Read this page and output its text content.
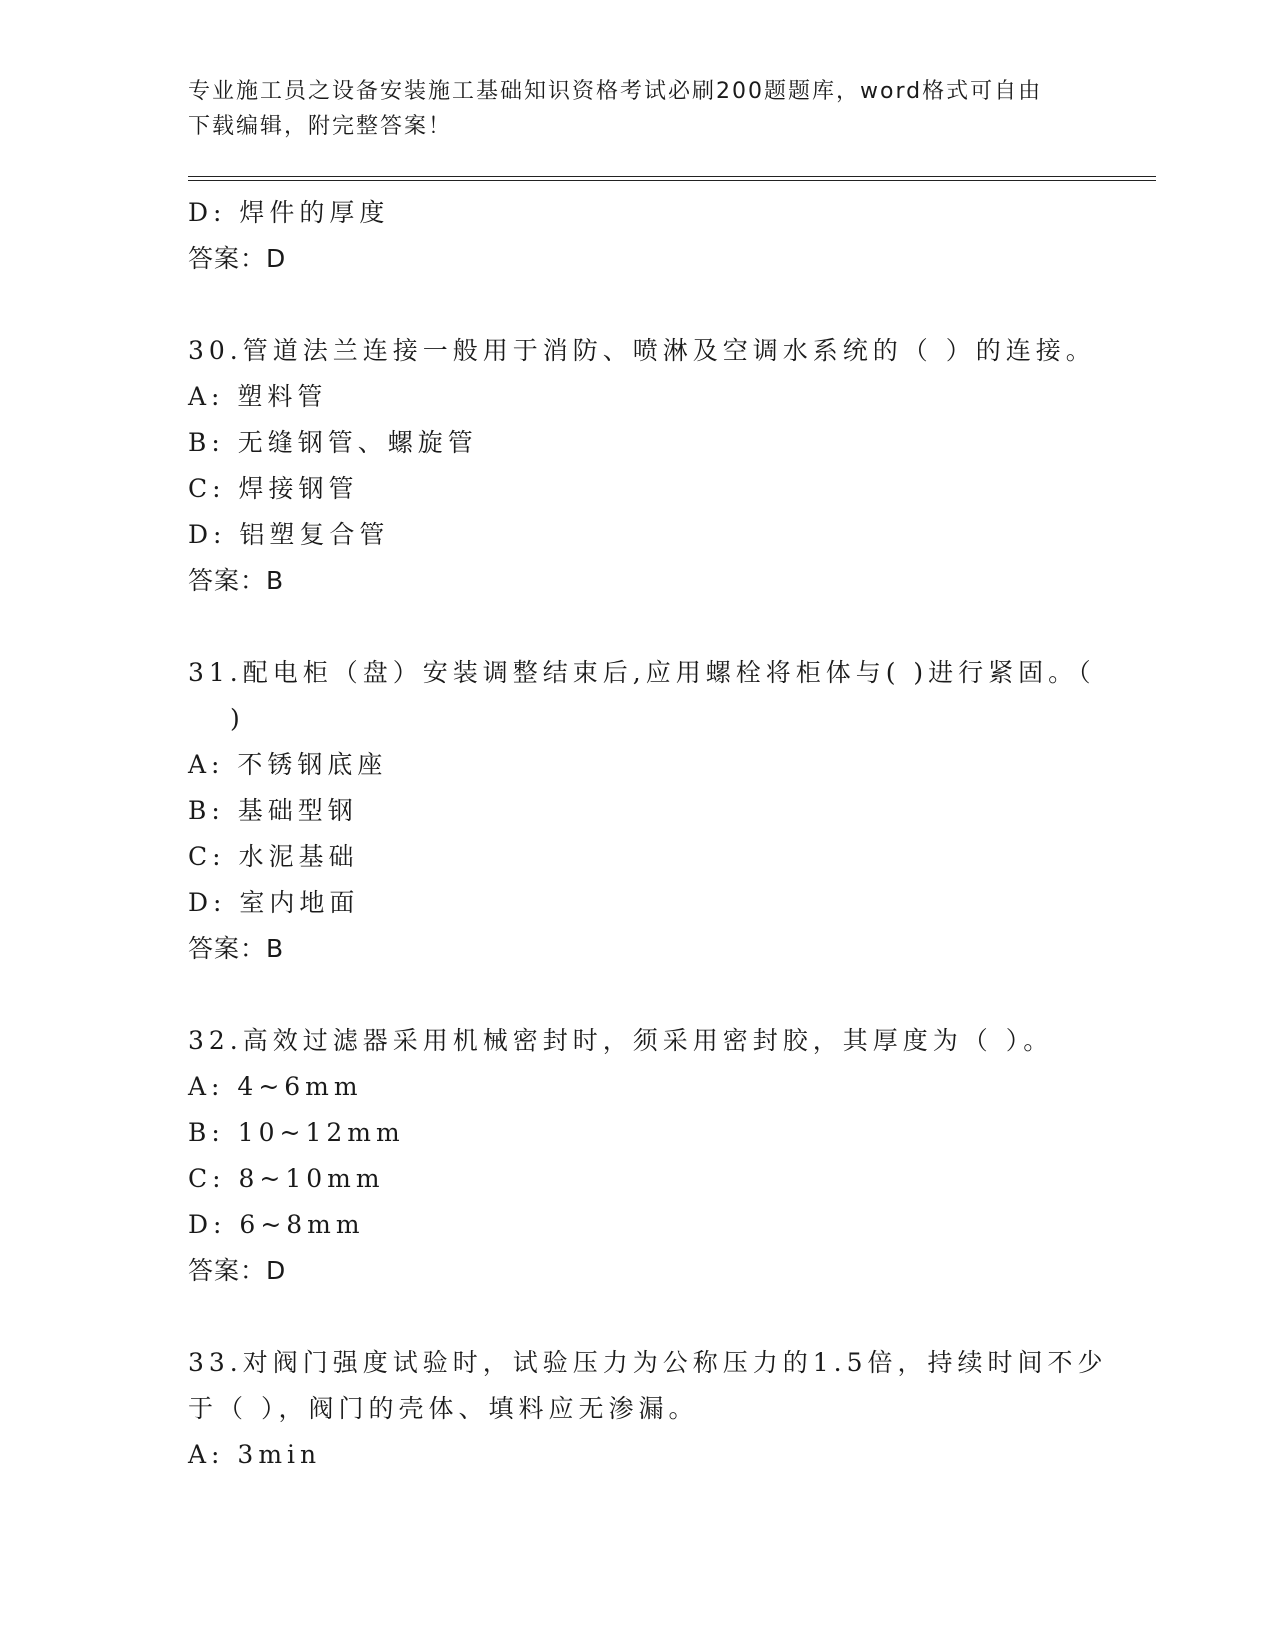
专业施工员之设备安装施工基础知识资格考试必刷200题题库，word格式可自由
下载编辑，附完整答案！
D: 焊件的厚度
答案：D
30.管道法兰连接一般用于消防、喷淋及空调水系统的（ ）的连接。
A: 塑料管
B: 无缝钢管、螺旋管
C: 焊接钢管
D: 铝塑复合管
答案：B
31.配电柜（盘）安装调整结束后,应用螺栓将柜体与( )进行紧固。（
)
A: 不锈钢底座
B: 基础型钢
C: 水泥基础
D: 室内地面
答案：B
32.高效过滤器采用机械密封时，须采用密封胶，其厚度为（ ）。
A: 4~6mm
B: 10~12mm
C: 8~10mm
D: 6~8mm
答案：D
33.对阀门强度试验时，试验压力为公称压力的1.5倍，持续时间不少
于（ ），阀门的壳体、填料应无渗漏。
A: 3min
